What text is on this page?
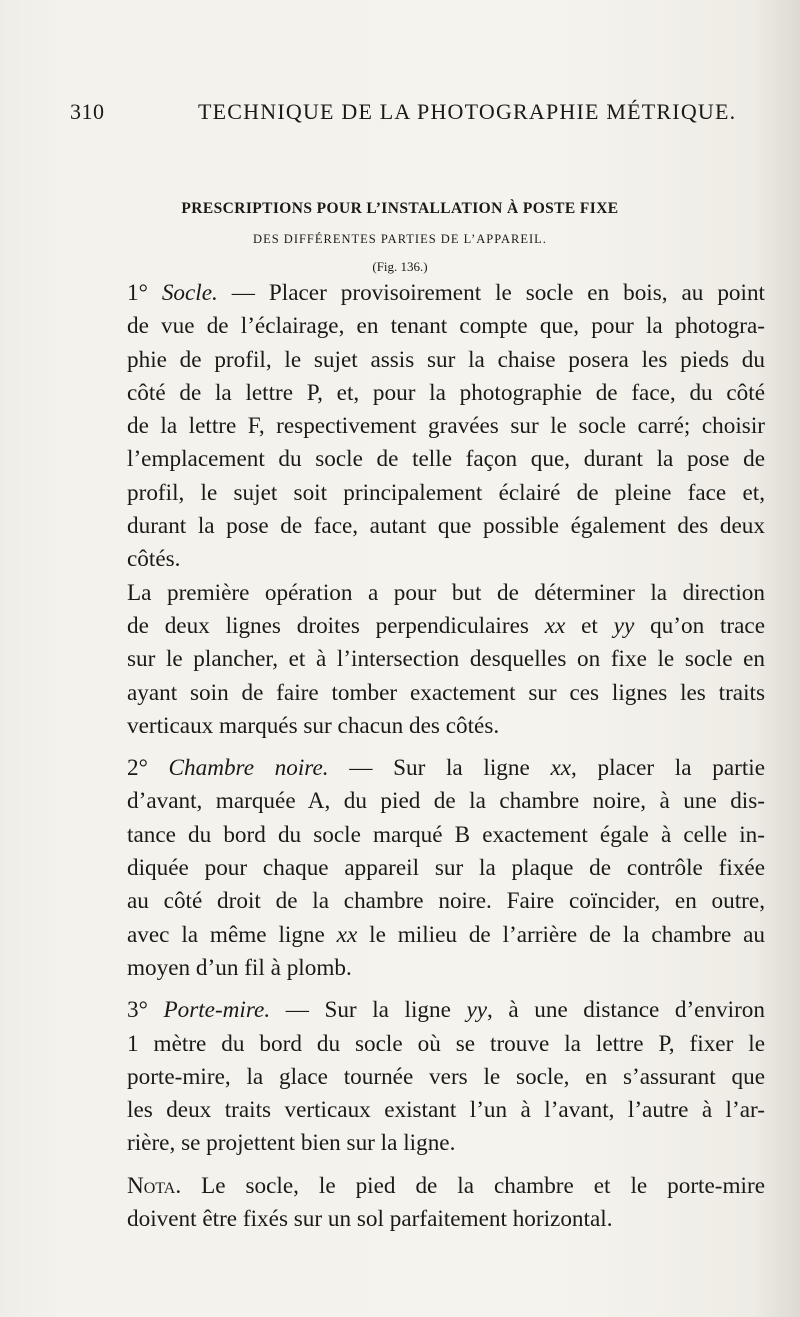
310	TECHNIQUE DE LA PHOTOGRAPHIE MÉTRIQUE.
PRESCRIPTIONS POUR L’INSTALLATION À POSTE FIXE
DES DIFFÉRENTES PARTIES DE L’APPAREIL.
(Fig. 136.)

1° Socle. — Placer provisoirement le socle en bois, au point
de vue de l’éclairage, en tenant compte que, pour la photogra-
phie de profil, le sujet assis sur la chaise posera les pieds du
côté de la lettre P, et, pour la photographie de face, du côté
de la lettre F, respectivement gravées sur le socle carré; choisir
l’emplacement du socle de telle façon que, durant la pose de
profil, le sujet soit principalement éclairé de pleine face et,
durant la pose de face, autant que possible également des deux
côtés.

La première opération a pour but de déterminer la direction
de deux lignes droites perpendiculaires xx et yy qu’on trace
sur le plancher, et à l’intersection desquelles on fixe le socle en
ayant soin de faire tomber exactement sur ces lignes les traits
verticaux marqués sur chacun des côtés.

2° Chambre noire. — Sur la ligne xx, placer la partie
d’avant, marquée A, du pied de la chambre noire, à une dis-
tance du bord du socle marqué B exactement égale à celle in-
diquée pour chaque appareil sur la plaque de contrôle fixée
au côté droit de la chambre noire. Faire coïncider, en outre,
avec la même ligne xx le milieu de l’arrière de la chambre au
moyen d’un fil à plomb.

3° Porte-mire. — Sur la ligne yy, à une distance d’environ
1 mètre du bord du socle où se trouve la lettre P, fixer le
porte-mire, la glace tournée vers le socle, en s’assurant que
les deux traits verticaux existant l’un à l’avant, l’autre à l’ar-
rière, se projettent bien sur la ligne.

Nota. Le socle, le pied de la chambre et le porte-mire
doivent être fixés sur un sol parfaitement horizontal.
